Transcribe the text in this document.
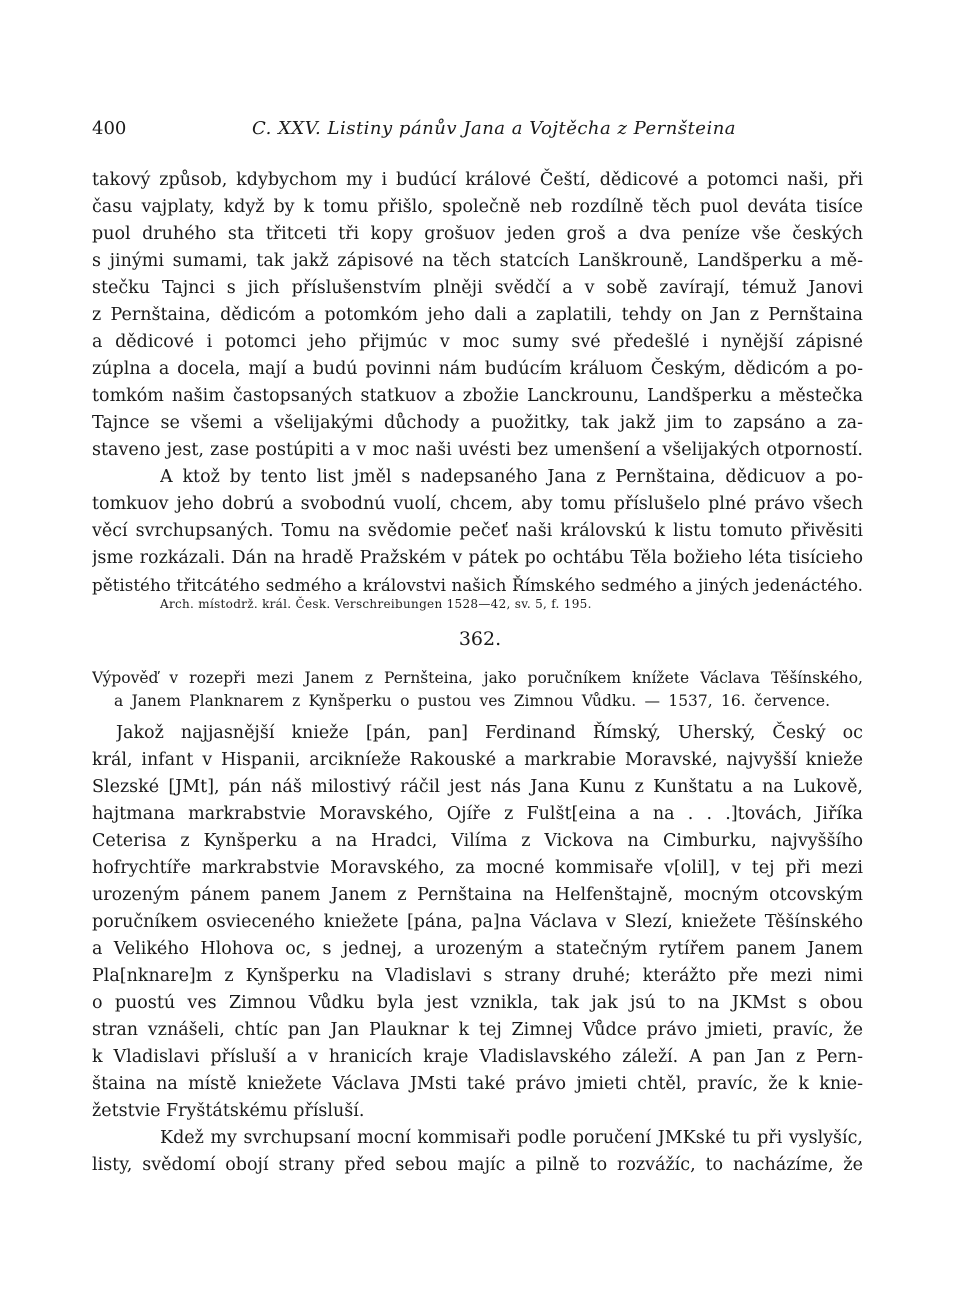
400	C. XXV. Listiny pánův Jana a Vojtěcha z Pernšteina
takový způsob, kdybychom my i budúcí králové Čeští, dědicové a potomci naši, při
času vajplaty, když by k tomu přišlo, společně neb rozdílně těch puol deváta tisíce
puol druhého sta třitceti tři kopy grošuov jeden groš a dva peníze vše českých
s jinými sumami, tak jakž zápisové na těch statcích Lanškrouně, Landšperku a mě-
stečku Tajnci s jich příslušenstvím plněji svědčí a v sobě zavírají, témuž Janovi
z Pernštaina, dědicóm a potomkóm jeho dali a zaplatili, tehdy on Jan z Pernštaina
a dědicové i potomci jeho přijmúc v moc sumy své předešlé i nynější zápisné
zúplna a docela, mají a budú povinni nám budúcím králuom Českým, dědicóm a po-
tomkóm našim častopsaných statkuov a zbožie Lanckrounu, Landšperku a městečka
Tajnce se všemi a všelijakými důchody a puožitky, tak jakž jim to zapsáno a za-
staveno jest, zase postúpiti a v moc naši uvésti bez umenšení a všelijakých otporností.
A ktož by tento list jměl s nadepsaného Jana z Pernštaina, dědicuov a po-
tomkuov jeho dobrú a svobodnú vuolí, chcem, aby tomu příslušelo plné právo všech
věcí svrchupsaných. Tomu na svědomie pečeť naši královskú k listu tomuto přivěsiti
jsme rozkázali. Dán na hradě Pražském v pátek po ochtábu Těla božieho léta tisícieho
pětistého třitcátého sedmého a královstvi našich Římského sedmého a jiných jedenáctého.
Arch. místodrž. král. Česk. Verschreibungen 1528—42, sv. 5, f. 195.
362.
Výpověď v rozepři mezi Janem z Pernšteina, jako poručníkem knížete Václava Těšínského,
a Janem Planknarem z Kynšperku o pustou ves Zimnou Vůdku. — 1537, 16. července.
Jakož najjasnější knieže [pán, pan] Ferdinand Římský, Uherský, Český oc
král, infant v Hispanii, arcikníeže Rakouské a markrabie Moravské, najvyšší knieže
Slezské [JMt], pán náš milostivý ráčil jest nás Jana Kunu z Kunštatu a na Lukově,
hajtmana markrabstvie Moravského, Ojíře z Fulšt[eina a na . . .]továch, Jiříka
Ceterisa z Kynšperku a na Hradci, Vilíma z Vickova na Cimburku, najvyššího
hofrychtíře markrabstvie Moravského, za mocné kommisaře v[olil], v tej při mezi
urozeným pánem panem Janem z Pernštaina na Helfenštajně, mocným otcovským
poručníkem osvieceného kniežete [pána, pa]na Václava v Slezí, kniežete Těšínského
a Velikého Hlohova oc, s jednej, a urozeným a statečným rytířem panem Janem
Pla[nknare]m z Kynšperku na Vladislavi s strany druhé; kterážto pře mezi nimi
o puostú ves Zimnou Vůdku byla jest vznikla, tak jak jsú to na JKMst s obou
stran vznášeli, chtíc pan Jan Plauknar k tej Zimnej Vůdce právo jmieti, pravíc, že
k Vladislavi přísluší a v hranicích kraje Vladislavského záleží. A pan Jan z Pern-
štaina na místě kniežete Václava JMsti také právo jmieti chtěl, pravíc, že k knie-
žetstvie Fryštátskému přísluší.
Kdež my svrchupsaní mocní kommisaři podle poručení JMKské tu při vyslyšíc,
listy, svědomí obojí strany před sebou majíc a pilně to rozvážíc, to nacházíme, že
